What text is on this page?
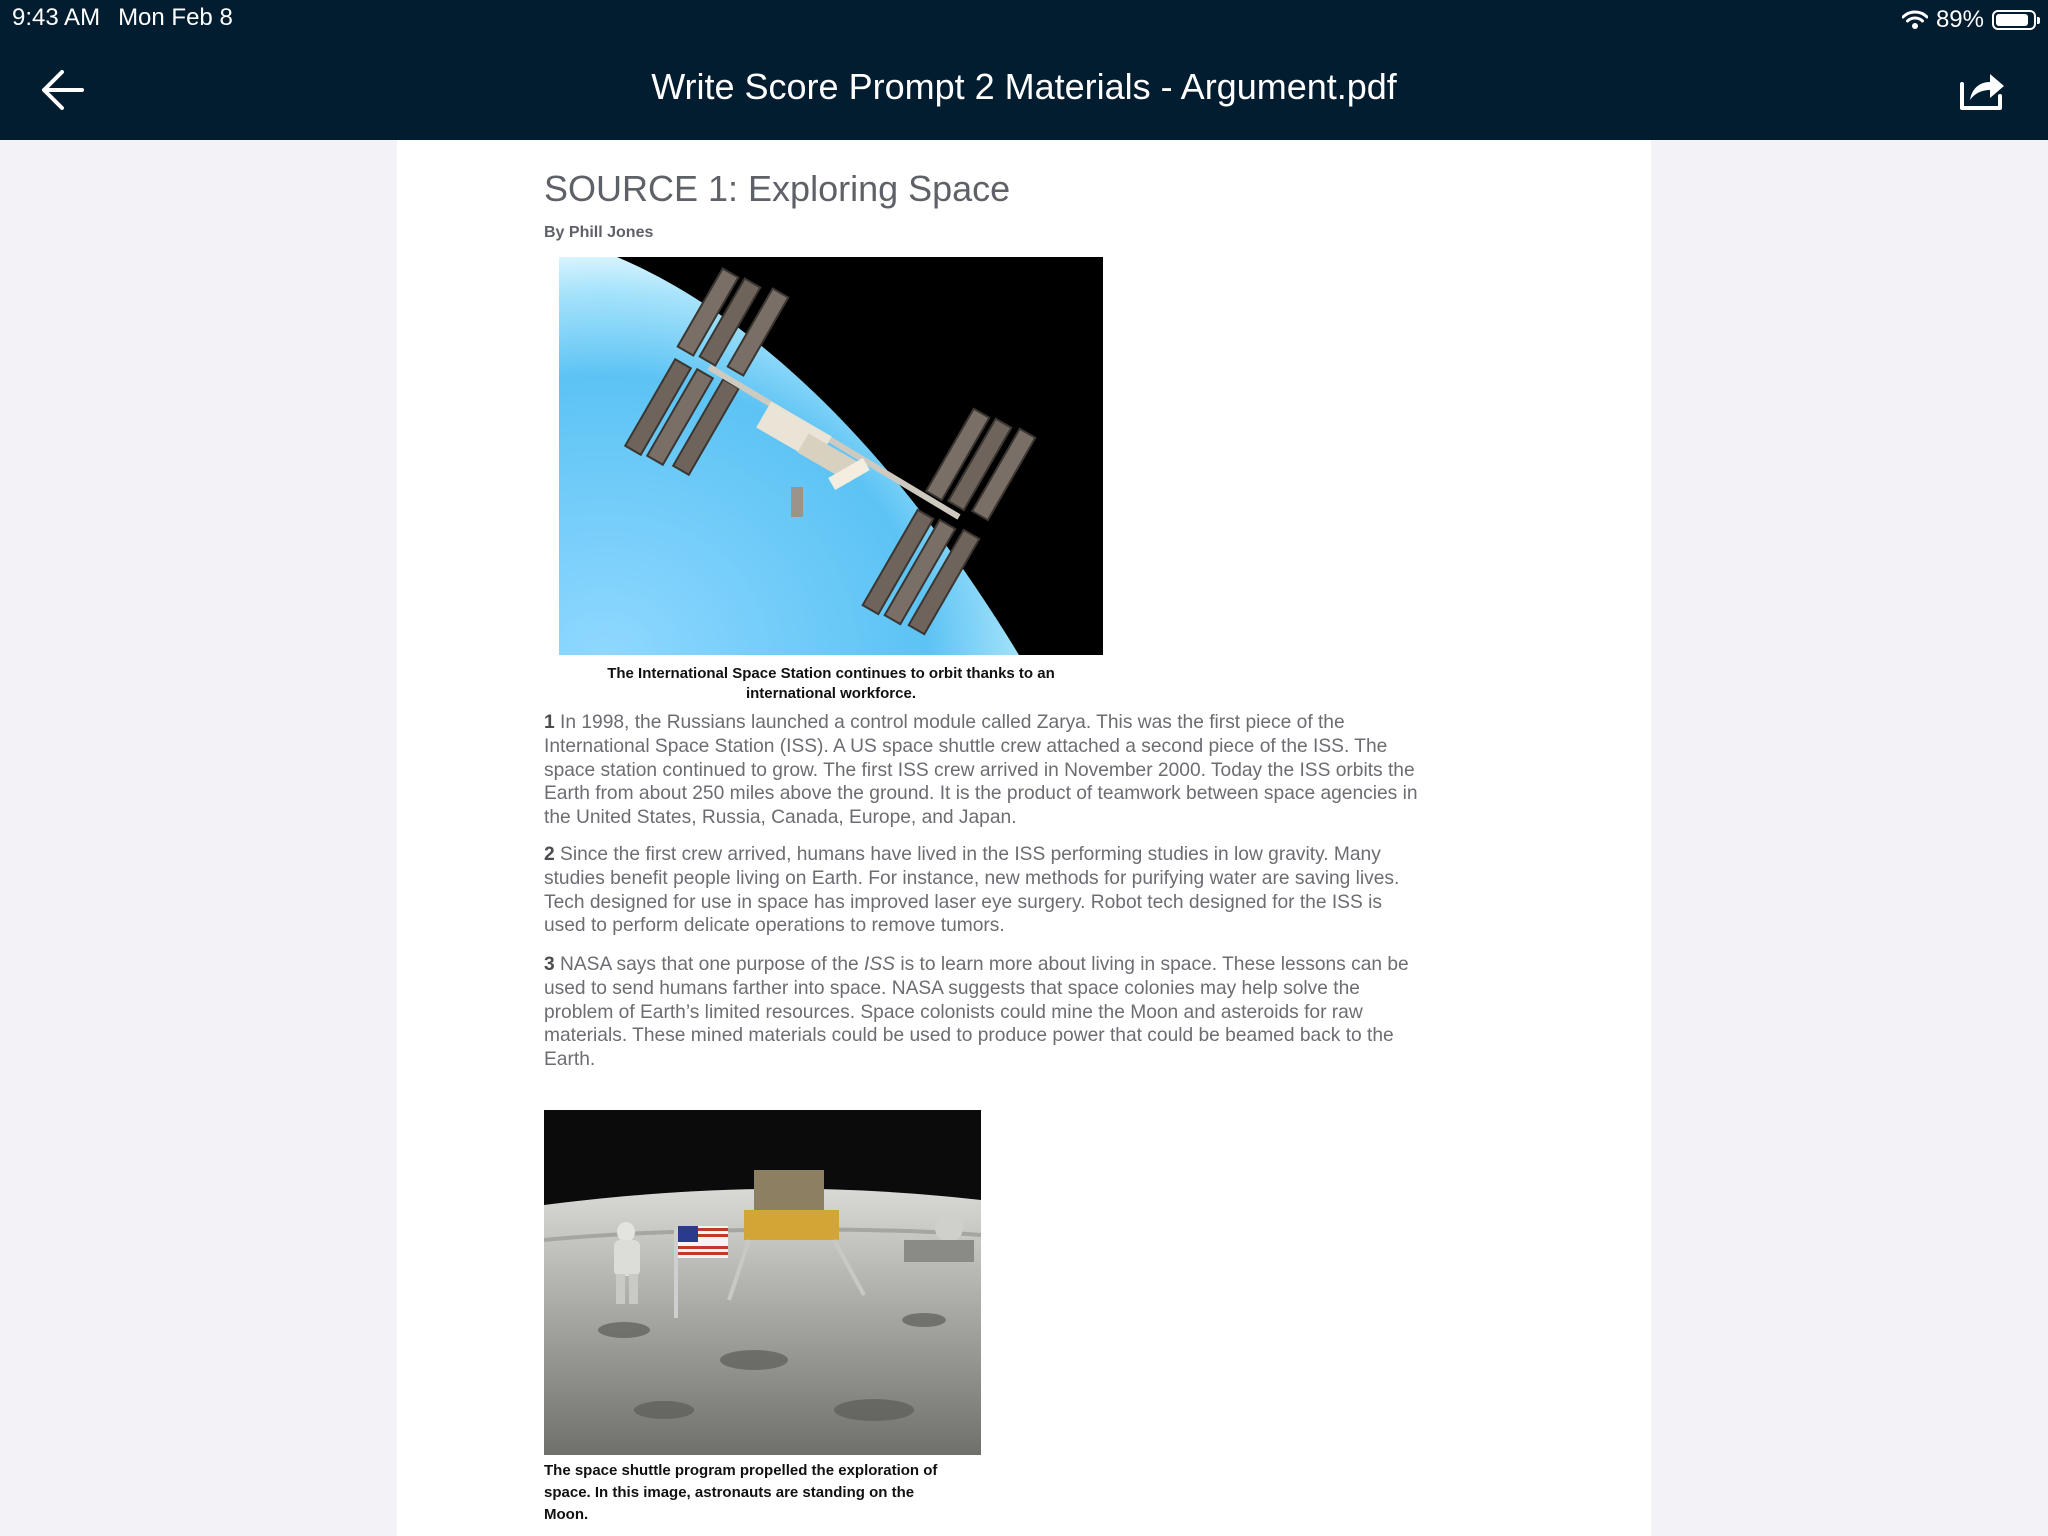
9:43 AM Mon Feb 8	89%
Write Score Prompt 2 Materials - Argument.pdf
SOURCE 1: Exploring Space
By Phill Jones
The International Space Station continues to orbit thanks to an
international workforce.
1 In 1998, the Russians launched a control module called Zarya. This was the first piece of the
International Space Station (ISS). A US space shuttle crew attached a second piece of the ISS. The
space station continued to grow. The first ISS crew arrived in November 2000. Today the ISS orbits the
Earth from about 250 miles above the ground. It is the product of teamwork between space agencies in
the United States, Russia, Canada, Europe, and Japan.
2 Since the first crew arrived, humans have lived in the ISS performing studies in low gravity. Many
studies benefit people living on Earth. For instance, new methods for purifying water are saving lives.
Tech designed for use in space has improved laser eye surgery. Robot tech designed for the ISS is
used to perform delicate operations to remove tumors.
3 NASA says that one purpose of the ISS is to learn more about living in space. These lessons can be
used to send humans farther into space. NASA suggests that space colonies may help solve the
problem of Earth’s limited resources. Space colonists could mine the Moon and asteroids for raw
materials. These mined materials could be used to produce power that could be beamed back to the
Earth.
The space shuttle program propelled the exploration of
space. In this image, astronauts are standing on the
Moon.
